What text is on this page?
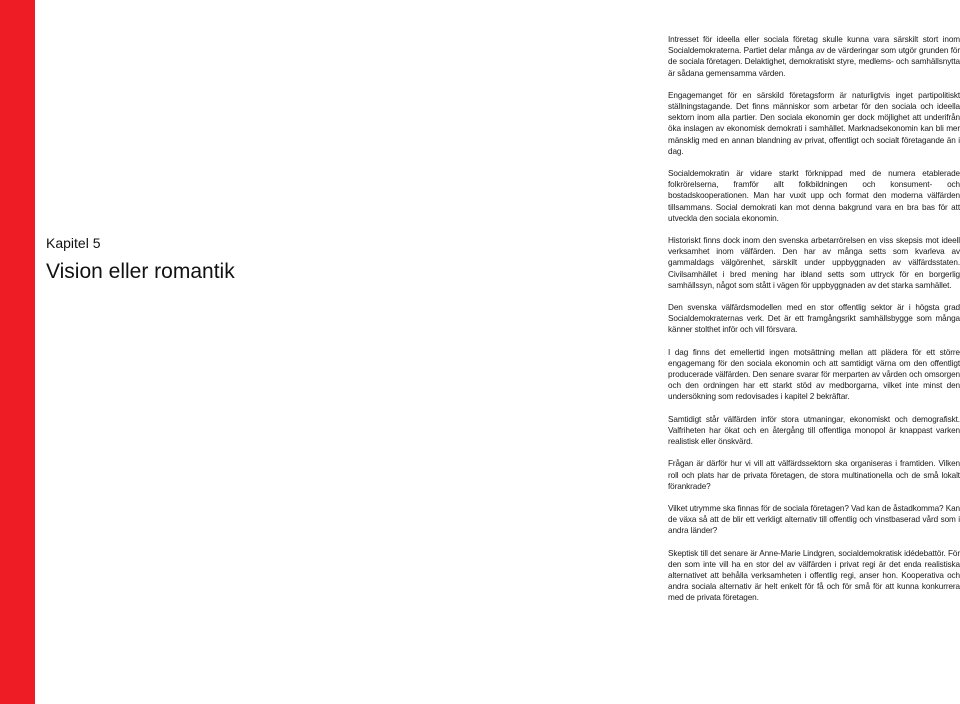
Kapitel 5
Vision eller romantik

Intresset för ideella eller sociala företag skulle kunna vara särskilt stort inom Socialdemokraterna. Partiet delar många av de värderingar som utgör grunden för de sociala företagen. Delaktighet, demokratiskt styre, medlems- och samhällsnytta är sådana gemensamma värden.

Engagemanget för en särskild företagsform är naturligtvis inget partipolitiskt ställningstagande. Det finns människor som arbetar för den sociala och ideella sektorn inom alla partier. Den sociala ekonomin ger dock möjlighet att underifrån öka inslagen av ekonomisk demokrati i samhället. Marknadsekonomin kan bli mer mänsklig med en annan blandning av privat, offentligt och socialt företagande än i dag.

Socialdemokratin är vidare starkt förknippad med de numera etablerade folkrörelserna, framför allt folkbildningen och konsument- och bostadskooperationen. Man har vuxit upp och format den moderna välfärden tillsammans. Social demokrati kan mot denna bakgrund vara en bra bas för att utveckla den sociala ekonomin.

Historiskt finns dock inom den svenska arbetarrörelsen en viss skepsis mot ideell verksamhet inom välfärden. Den har av många setts som kvarleva av gammaldags välgörenhet, särskilt under uppbyggnaden av välfärdsstaten. Civilsamhället i bred mening har ibland setts som uttryck för en borgerlig samhällssyn, något som stått i vägen för uppbyggnaden av det starka samhället.

Den svenska välfärdsmodellen med en stor offentlig sektor är i högsta grad Socialdemokraternas verk. Det är ett framgångsrikt samhällsbygge som många känner stolthet inför och vill försvara.

I dag finns det emellertid ingen motsättning mellan att plädera för ett större engagemang för den sociala ekonomin och att samtidigt värna om den offentligt producerade välfärden. Den senare svarar för merparten av vården och omsorgen och den ordningen har ett starkt stöd av medborgarna, vilket inte minst den undersökning som redovisades i kapitel 2 bekräftar.

Samtidigt står välfärden inför stora utmaningar, ekonomiskt och demografiskt. Valfriheten har ökat och en återgång till offentliga monopol är knappast varken realistisk eller önskvärd.

Frågan är därför hur vi vill att välfärdssektorn ska organiseras i framtiden. Vilken roll och plats har de privata företagen, de stora multinationella och de små lokalt förankrade?

Vilket utrymme ska finnas för de sociala företagen? Vad kan de åstadkomma? Kan de växa så att de blir ett verkligt alternativ till offentlig och vinstbaserad vård som i andra länder?

Skeptisk till det senare är Anne-Marie Lindgren, socialdemokratisk idédebattör. För den som inte vill ha en stor del av välfärden i privat regi är det enda realistiska alternativet att behålla verksamheten i offentlig regi, anser hon. Kooperativa och andra sociala alternativ är helt enkelt för få och för små för att kunna konkurrera med de privata företagen.
